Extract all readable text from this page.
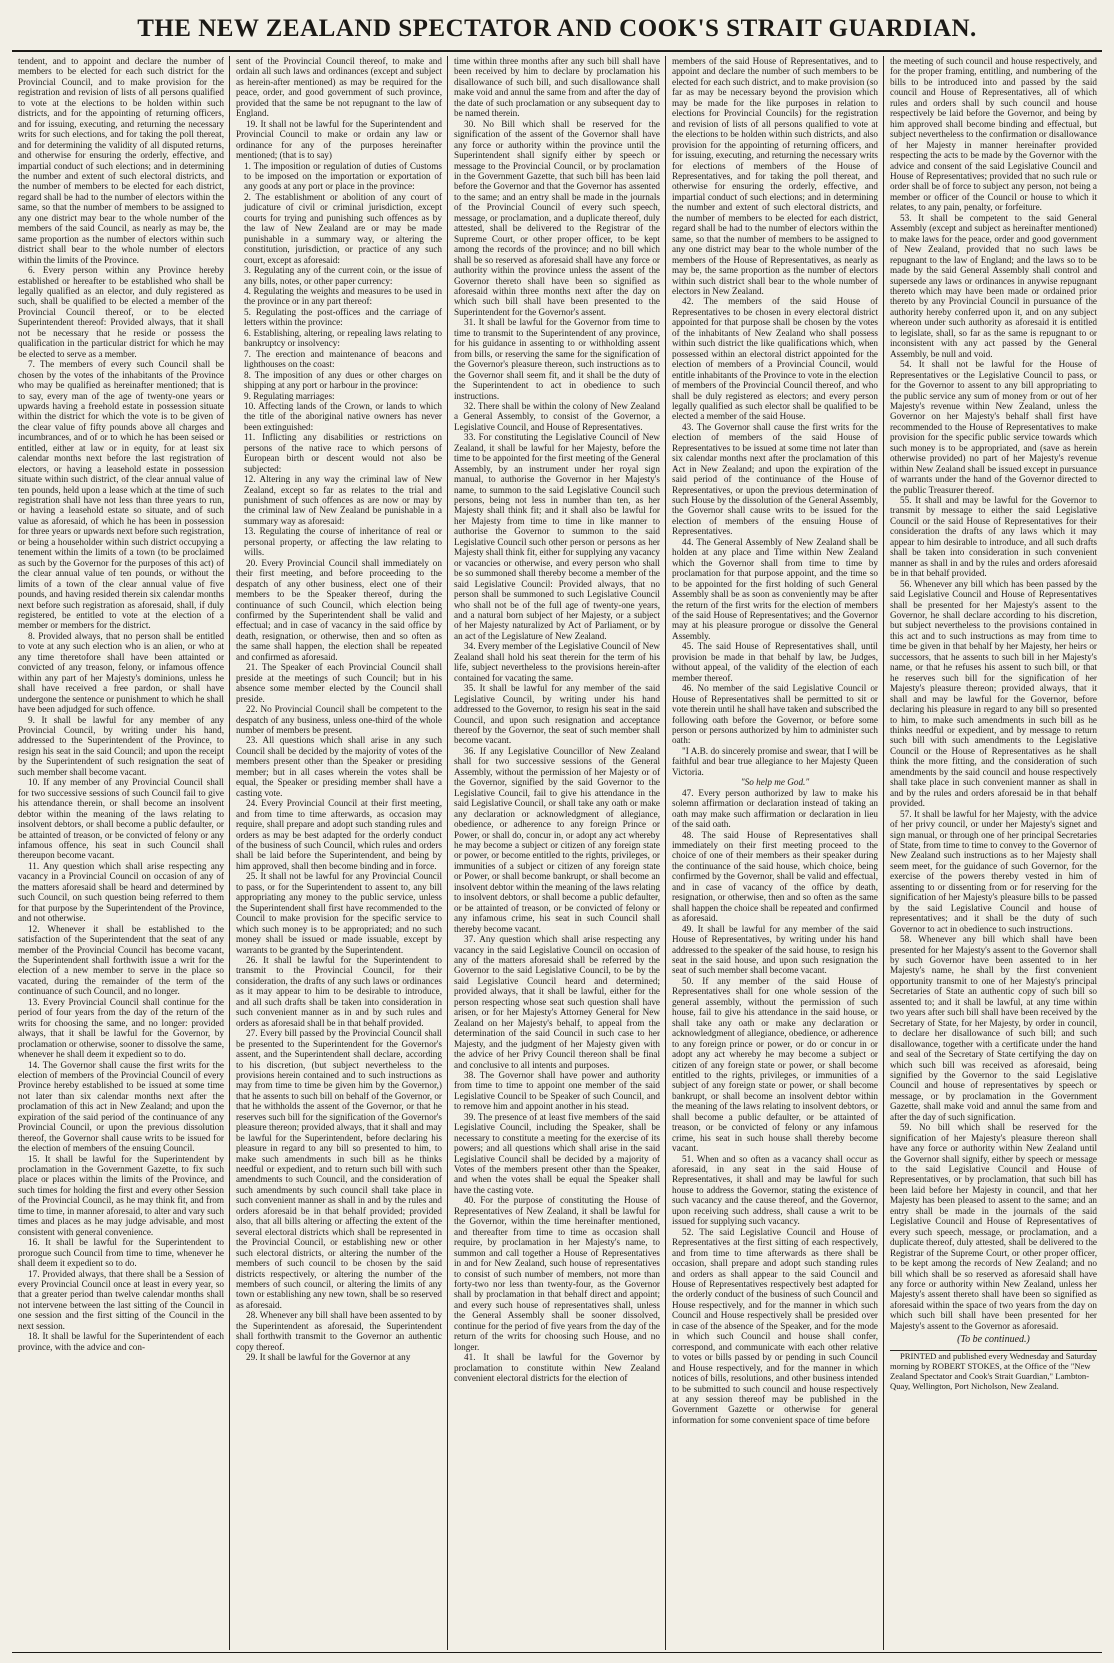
THE NEW ZEALAND SPECTATOR AND COOK'S STRAIT GUARDIAN.

tendent, and to appoint and declare the number of members to be elected for each such district for the Provincial Council, and to make provision for the registration and revision of lists of all persons qualified to vote at the elections to be holden within such districts, and for the appointing of returning officers, and for issuing, executing, and returning the necessary writs for such elections, and for taking the poll thereat, and for determining the validity of all disputed returns, and otherwise for ensuring the orderly, effective, and impartial conduct of such elections; and in determining the number and extent of such electoral districts, and the number of members to be elected for each district, regard shall be had to the number of electors within the same, so that the number of members to be assigned to any one district may bear to the whole number of the members of the said Council, as nearly as may be, the same proportion as the number of electors within such district shall bear to the whole number of electors within the limits of the Province.

6. Every person within any Province hereby established or hereafter to be established who shall be legally qualified as an elector, and duly registered as such, shall be qualified to be elected a member of the Provincial Council thereof, or to be elected Superintendent thereof: Provided always, that it shall not be necessary that he reside or possess the qualification in the particular district for which he may be elected to serve as a member.

7. The members of every such Council shall be chosen by the votes of the inhabitants of the Province who may be qualified as hereinafter mentioned; that is to say, every man of the age of twenty-one years or upwards having a freehold estate in possession situate within the district for which the vote is to be given of the clear value of fifty pounds above all charges and incumbrances, and of or to which he has been seised or entitled, either at law or in equity, for at least six calendar months next before the last registration of electors, or having a leasehold estate in possession situate within such district, of the clear annual value of ten pounds, held upon a lease which at the time of such registration shall have not less than three years to run, or having a leasehold estate so situate, and of such value as aforesaid, of which he has been in possession for three years or upwards next before such registration, or being a householder within such district occupying a tenement within the limits of a town (to be proclaimed as such by the Governor for the purposes of this act) of the clear annual value of ten pounds, or without the limits of a town of the clear annual value of five pounds, and having resided therein six calendar months next before such registration as aforesaid, shall, if duly registered, be entitled to vote at the election of a member or members for the district.

8. Provided always, that no person shall be entitled to vote at any such election who is an alien, or who at any time theretofore shall have been attainted or convicted of any treason, felony, or infamous offence within any part of her Majesty's dominions, unless he shall have received a free pardon, or shall have undergone the sentence or punishment to which he shall have been adjudged for such offence.

9. It shall be lawful for any member of any Provincial Council, by writing under his hand, addressed to the Superintendent of the Province, to resign his seat in the said Council; and upon the receipt by the Superintendent of such resignation the seat of such member shall become vacant.

10. If any member of any Provincial Council shall for two successive sessions of such Council fail to give his attendance therein, or shall become an insolvent debtor within the meaning of the laws relating to insolvent debtors, or shall become a public defaulter, or be attainted of treason, or be convicted of felony or any infamous offence, his seat in such Council shall thereupon become vacant.

11. Any question which shall arise respecting any vacancy in a Provincial Council on occasion of any of the matters aforesaid shall be heard and determined by such Council, on such question being referred to them for that purpose by the Superintendent of the Province, and not otherwise.

12. Whenever it shall be established to the satisfaction of the Superintendent that the seat of any member of the Provincial Council has become vacant, the Superintendent shall forthwith issue a writ for the election of a new member to serve in the place so vacated, during the remainder of the term of the continuance of such Council, and no longer.

13. Every Provincial Council shall continue for the period of four years from the day of the return of the writs for choosing the same, and no longer: provided always, that it shall be lawful for the Governor, by proclamation or otherwise, sooner to dissolve the same, whenever he shall deem it expedient so to do.

14. The Governor shall cause the first writs for the election of members of the Provincial Council of every Province hereby established to be issued at some time not later than six calendar months next after the proclamation of this act in New Zealand; and upon the expiration of the said period of the continuance of any Provincial Council, or upon the previous dissolution thereof, the Governor shall cause writs to be issued for the election of members of the ensuing Council.

15. It shall be lawful for the Superintendent by proclamation in the Government Gazette, to fix such place or places within the limits of the Province, and such times for holding the first and every other Session of the Provincial Council, as he may think fit, and from time to time, in manner aforesaid, to alter and vary such times and places as he may judge advisable, and most consistent with general convenience.

16. It shall be lawful for the Superintendent to prorogue such Council from time to time, whenever he shall deem it expedient so to do.

17. Provided always, that there shall be a Session of every Provincial Council once at least in every year, so that a greater period than twelve calendar months shall not intervene between the last sitting of the Council in one session and the first sitting of the Council in the next session.

18. It shall be lawful for the Superintendent of each province, with the advice and con-

sent of the Provincial Council thereof, to make and ordain all such laws and ordinances (except and subject as herein-after mentioned) as may be required for the peace, order, and good government of such province, provided that the same be not repugnant to the law of England.

19. It shall not be lawful for the Superintendent and Provincial Council to make or ordain any law or ordinance for any of the purposes hereinafter mentioned; (that is to say)

1. The imposition or regulation of duties of Customs to be imposed on the importation or exportation of any goods at any port or place in the province:

2. The establishment or abolition of any court of judicature of civil or criminal jurisdiction, except courts for trying and punishing such offences as by the law of New Zealand are or may be made punishable in a summary way, or altering the constitution, jurisdiction, or practice of any such court, except as aforesaid:

3. Regulating any of the current coin, or the issue of any bills, notes, or other paper currency:

4. Regulating the weights and measures to be used in the province or in any part thereof:

5. Regulating the post-offices and the carriage of letters within the province:

6. Establishing, altering, or repealing laws relating to bankruptcy or insolvency:

7. The erection and maintenance of beacons and lighthouses on the coast:

8. The imposition of any dues or other charges on shipping at any port or harbour in the province:

9. Regulating marriages:

10. Affecting lands of the Crown, or lands to which the title of the aboriginal native owners has never been extinguished:

11. Inflicting any disabilities or restrictions on persons of the native race to which persons of European birth or descent would not also be subjected:

12. Altering in any way the criminal law of New Zealand, except so far as relates to the trial and punishment of such offences as are now or may by the criminal law of New Zealand be punishable in a summary way as aforesaid:

13. Regulating the course of inheritance of real or personal property, or affecting the law relating to wills.

20. Every Provincial Council shall immediately on their first meeting, and before proceeding to the despatch of any other business, elect one of their members to be the Speaker thereof, during the continuance of such Council, which election being confirmed by the Superintendent shall be valid and effectual; and in case of vacancy in the said office by death, resignation, or otherwise, then and so often as the same shall happen, the election shall be repeated and confirmed as aforesaid.

21. The Speaker of each Provincial Council shall preside at the meetings of such Council; but in his absence some member elected by the Council shall preside.

22. No Provincial Council shall be competent to the despatch of any business, unless one-third of the whole number of members be present.

23. All questions which shall arise in any such Council shall be decided by the majority of votes of the members present other than the Speaker or presiding member; but in all cases wherein the votes shall be equal, the Speaker or presiding member shall have a casting vote.

24. Every Provincial Council at their first meeting, and from time to time afterwards, as occasion may require, shall prepare and adopt such standing rules and orders as may be best adapted for the orderly conduct of the business of such Council, which rules and orders shall be laid before the Superintendent, and being by him approved, shall then become binding and in force.

25. It shall not be lawful for any Provincial Council to pass, or for the Superintendent to assent to, any bill appropriating any money to the public service, unless the Superintendent shall first have recommended to the Council to make provision for the specific service to which such money is to be appropriated; and no such money shall be issued or made issuable, except by warrants to be granted by the Superintendent.

26. It shall be lawful for the Superintendent to transmit to the Provincial Council, for their consideration, the drafts of any such laws or ordinances as it may appear to him to be desirable to introduce, and all such drafts shall be taken into consideration in such convenient manner as in and by such rules and orders as aforesaid shall be in that behalf provided.

27. Every bill passed by the Provincial Council shall be presented to the Superintendent for the Governor's assent, and the Superintendent shall declare, according to his discretion, (but subject nevertheless to the provisions herein contained and to such instructions as may from time to time be given him by the Governor,) that he assents to such bill on behalf of the Governor, or that he withholds the assent of the Governor, or that he reserves such bill for the signification of the Governor's pleasure thereon; provided always, that it shall and may be lawful for the Superintendent, before declaring his pleasure in regard to any bill so presented to him, to make such amendments in such bill as he thinks needful or expedient, and to return such bill with such amendments to such Council, and the consideration of such amendments by such council shall take place in such convenient manner as shall in and by the rules and orders aforesaid be in that behalf provided; provided also, that all bills altering or affecting the extent of the several electoral districts which shall be represented in the Provincial Council, or establishing new or other such electoral districts, or altering the number of the members of such council to be chosen by the said districts respectively, or altering the number of the members of such council, or altering the limits of any town or establishing any new town, shall be so reserved as aforesaid.

28. Whenever any bill shall have been assented to by the Superintendent as aforesaid, the Superintendent shall forthwith transmit to the Governor an authentic copy thereof.

29. It shall be lawful for the Governor at any

time within three months after any such bill shall have been received by him to declare by proclamation his disallowance of such bill, and such disallowance shall make void and annul the same from and after the day of the date of such proclamation or any subsequent day to be named therein.

30. No Bill which shall be reserved for the signification of the assent of the Governor shall have any force or authority within the province until the Superintendent shall signify either by speech or message to the Provincial Council, or by proclamation in the Government Gazette, that such bill has been laid before the Governor and that the Governor has assented to the same; and an entry shall be made in the journals of the Provincial Council of every such speech, message, or proclamation, and a duplicate thereof, duly attested, shall be delivered to the Registrar of the Supreme Court, or other proper officer, to be kept among the records of the province; and no bill which shall be so reserved as aforesaid shall have any force or authority within the province unless the assent of the Governor thereto shall have been so signified as aforesaid within three months next after the day on which such bill shall have been presented to the Superintendent for the Governor's assent.

31. It shall be lawful for the Governor from time to time to transmit to the Superintendent of any province, for his guidance in assenting to or withholding assent from bills, or reserving the same for the signification of the Governor's pleasure thereon, such instructions as to the Governor shall seem fit, and it shall be the duty of the Superintendent to act in obedience to such instructions.

32. There shall be within the colony of New Zealand a General Assembly, to consist of the Governor, a Legislative Council, and House of Representatives.

33. For constituting the Legislative Council of New Zealand, it shall be lawful for her Majesty, before the time to be appointed for the first meeting of the General Assembly, by an instrument under her royal sign manual, to authorise the Governor in her Majesty's name, to summon to the said Legislative Council such persons, being not less in number than ten, as her Majesty shall think fit; and it shall also be lawful for her Majesty from time to time in like manner to authorise the Governor to summon to the said Legislative Council such other person or persons as her Majesty shall think fit, either for supplying any vacancy or vacancies or otherwise, and every person who shall be so summoned shall thereby become a member of the said Legislative Council: Provided always, that no person shall be summoned to such Legislative Council who shall not be of the full age of twenty-one years, and a natural born subject of her Majesty, or a subject of her Majesty naturalized by Act of Parliament, or by an act of the Legislature of New Zealand.

34. Every member of the Legislative Council of New Zealand shall hold his seat therein for the term of his life, subject nevertheless to the provisions herein-after contained for vacating the same.

35. It shall be lawful for any member of the said Legislative Council, by writing under his hand addressed to the Governor, to resign his seat in the said Council, and upon such resignation and acceptance thereof by the Governor, the seat of such member shall become vacant.

36. If any Legislative Councillor of New Zealand shall for two successive sessions of the General Assembly, without the permission of her Majesty or of the Governor, signified by the said Governor to the Legislative Council, fail to give his attendance in the said Legislative Council, or shall take any oath or make any declaration or acknowledgment of allegiance, obedience, or adherence to any foreign Prince or Power, or shall do, concur in, or adopt any act whereby he may become a subject or citizen of any foreign state or power, or become entitled to the rights, privileges, or immunities of a subject or citizen of any foreign state or Power, or shall become bankrupt, or shall become an insolvent debtor within the meaning of the laws relating to insolvent debtors, or shall become a public defaulter, or be attainted of treason, or be convicted of felony or any infamous crime, his seat in such Council shall thereby become vacant.

37. Any question which shall arise respecting any vacancy in the said Legislative Council on occasion of any of the matters aforesaid shall be referred by the Governor to the said Legislative Council, to be by the said Legislative Council heard and determined; provided always, that it shall be lawful, either for the person respecting whose seat such question shall have arisen, or for her Majesty's Attorney General for New Zealand on her Majesty's behalf, to appeal from the determination of the said Council in such case to her Majesty, and the judgment of her Majesty given with the advice of her Privy Council thereon shall be final and conclusive to all intents and purposes.

38. The Governor shall have power and authority from time to time to appoint one member of the said Legislative Council to be Speaker of such Council, and to remove him and appoint another in his stead.

39. The presence of at least five members of the said Legislative Council, including the Speaker, shall be necessary to constitute a meeting for the exercise of its powers; and all questions which shall arise in the said Legislative Council shall be decided by a majority of Votes of the members present other than the Speaker, and when the votes shall be equal the Speaker shall have the casting vote.

40. For the purpose of constituting the House of Representatives of New Zealand, it shall be lawful for the Governor, within the time hereinafter mentioned, and thereafter from time to time as occasion shall require, by proclamation in her Majesty's name, to summon and call together a House of Representatives in and for New Zealand, such house of representatives to consist of such number of members, not more than forty-two nor less than twenty-four, as the Governor shall by proclamation in that behalf direct and appoint; and every such house of representatives shall, unless the General Assembly shall be sooner dissolved, continue for the period of five years from the day of the return of the writs for choosing such House, and no longer.

41. It shall be lawful for the Governor by proclamation to constitute within New Zealand convenient electoral districts for the election of

members of the said House of Representatives, and to appoint and declare the number of such members to be elected for each such district, and to make provision (so far as may be necessary beyond the provision which may be made for the like purposes in relation to elections for Provincial Councils) for the registration and revision of lists of all persons qualified to vote at the elections to be holden within such districts, and also provision for the appointing of returning officers, and for issuing, executing, and returning the necessary writs for elections of members of the House of Representatives, and for taking the poll thereat, and otherwise for ensuring the orderly, effective, and impartial conduct of such elections; and in determining the number and extent of such electoral districts, and the number of members to be elected for each district, regard shall be had to the number of electors within the same, so that the number of members to be assigned to any one district may bear to the whole number of the members of the House of Representatives, as nearly as may be, the same proportion as the number of electors within such district shall bear to the whole number of electors in New Zealand.

42. The members of the said House of Representatives to be chosen in every electoral district appointed for that purpose shall be chosen by the votes of the inhabitants of New Zealand who shall possess within such district the like qualifications which, when possessed within an electoral district appointed for the election of members of a Provincial Council, would entitle inhabitants of the Province to vote in the election of members of the Provincial Council thereof, and who shall be duly registered as electors; and every person legally qualified as such elector shall be qualified to be elected a member of the said House.

43. The Governor shall cause the first writs for the election of members of the said House of Representatives to be issued at some time not later than six calendar months next after the proclamation of this Act in New Zealand; and upon the expiration of the said period of the continuance of the House of Representatives, or upon the previous determination of such House by the dissolution of the General Assembly, the Governor shall cause writs to be issued for the election of members of the ensuing House of Representatives.

44. The General Assembly of New Zealand shall be holden at any place and Time within New Zealand which the Governor shall from time to time by proclamation for that purpose appoint, and the time so to be appointed for the first holding of such General Assembly shall be as soon as conveniently may be after the return of the first writs for the election of members of the said House of Representatives; and the Governor may at his pleasure prorogue or dissolve the General Assembly.

45. The said House of Representatives shall, until provision be made in that behalf by law, be Judges, without appeal, of the validity of the election of each member thereof.

46. No member of the said Legislative Council or House of Representatives shall be permitted to sit or vote therein until he shall have taken and subscribed the following oath before the Governor, or before some person or persons authorized by him to administer such oath:

"I A.B. do sincerely promise and swear, that I will be faithful and bear true allegiance to her Majesty Queen Victoria.

"So help me God."

47. Every person authorized by law to make his solemn affirmation or declaration instead of taking an oath may make such affirmation or declaration in lieu of the said oath.

48. The said House of Representatives shall immediately on their first meeting proceed to the choice of one of their members as their speaker during the continuance of the said house, which choice, being confirmed by the Governor, shall be valid and effectual, and in case of vacancy of the office by death, resignation, or otherwise, then and so often as the same shall happen the choice shall be repeated and confirmed as aforesaid.

49. It shall be lawful for any member of the said House of Representatives, by writing under his hand addressed to the speaker of the said house, to resign his seat in the said house, and upon such resignation the seat of such member shall become vacant.

50. If any member of the said House of Representatives shall for one whole session of the general assembly, without the permission of such house, fail to give his attendance in the said house, or shall take any oath or make any declaration or acknowledgment of allegiance, obedience, or adherence to any foreign prince or power, or do or concur in or adopt any act whereby he may become a subject or citizen of any foreign state or power, or shall become entitled to the rights, privileges, or immunities of a subject of any foreign state or power, or shall become bankrupt, or shall become an insolvent debtor within the meaning of the laws relating to insolvent debtors, or shall become a public defaulter, or be attainted of treason, or be convicted of felony or any infamous crime, his seat in such house shall thereby become vacant.

51. When and so often as a vacancy shall occur as aforesaid, in any seat in the said House of Representatives, it shall and may be lawful for such house to address the Governor, stating the existence of such vacancy and the cause thereof, and the Governor, upon receiving such address, shall cause a writ to be issued for supplying such vacancy.

52. The said Legislative Council and House of Representatives at the first sitting of each respectively, and from time to time afterwards as there shall be occasion, shall prepare and adopt such standing rules and orders as shall appear to the said Council and House of Representatives respectively best adapted for the orderly conduct of the business of such Council and House respectively, and for the manner in which such Council and House respectively shall be presided over in case of the absence of the Speaker, and for the mode in which such Council and house shall confer, correspond, and communicate with each other relative to votes or bills passed by or pending in such Council and House respectively, and for the manner in which notices of bills, resolutions, and other business intended to be submitted to such council and house respectively at any session thereof may be published in the Government Gazette or otherwise for general information for some convenient space of time before

the meeting of such council and house respectively, and for the proper framing, entitling, and numbering of the bills to be introduced into and passed by the said council and House of Representatives, all of which rules and orders shall by such council and house respectively be laid before the Governor, and being by him approved shall become binding and effectual, but subject nevertheless to the confirmation or disallowance of her Majesty in manner hereinafter provided respecting the acts to be made by the Governor with the advice and consent of the said Legislative Council and House of Representatives; provided that no such rule or order shall be of force to subject any person, not being a member or officer of the Council or house to which it relates, to any pain, penalty, or forfeiture.

53. It shall be competent to the said General Assembly (except and subject as hereinafter mentioned) to make laws for the peace, order and good government of New Zealand, provided that no such laws be repugnant to the law of England; and the laws so to be made by the said General Assembly shall control and supersede any laws or ordinances in anywise repugnant thereto which may have been made or ordained prior thereto by any Provincial Council in pursuance of the authority hereby conferred upon it, and on any subject whereon under such authority as aforesaid it is entitled to legislate, shall, so far as the same is repugnant to or inconsistent with any act passed by the General Assembly, be null and void.

54. It shall not be lawful for the House of Representatives or the Legislative Council to pass, or for the Governor to assent to any bill appropriating to the public service any sum of money from or out of her Majesty's revenue within New Zealand, unless the Governor on her Majesty's behalf shall first have recommended to the House of Representatives to make provision for the specific public service towards which such money is to be appropriated, and (save as herein otherwise provided) no part of her Majesty's revenue within New Zealand shall be issued except in pursuance of warrants under the hand of the Governor directed to the public Treasurer thereof.

55. It shall and may be lawful for the Governor to transmit by message to either the said Legislative Council or the said House of Representatives for their consideration the drafts of any laws which it may appear to him desirable to introduce, and all such drafts shall be taken into consideration in such convenient manner as shall in and by the rules and orders aforesaid be in that behalf provided.

56. Whenever any bill which has been passed by the said Legislative Council and House of Representatives shall be presented for her Majesty's assent to the Governor, he shall declare according to his discretion, but subject nevertheless to the provisions contained in this act and to such instructions as may from time to time be given in that behalf by her Majesty, her heirs or successors, that he assents to such bill in her Majesty's name, or that he refuses his assent to such bill, or that he reserves such bill for the signification of her Majesty's pleasure thereon; provided always, that it shall and may be lawful for the Governor, before declaring his pleasure in regard to any bill so presented to him, to make such amendments in such bill as he thinks needful or expedient, and by message to return such bill with such amendments to the Legislative Council or the House of Representatives as he shall think the more fitting, and the consideration of such amendments by the said council and house respectively shall take place in such convenient manner as shall in and by the rules and orders aforesaid be in that behalf provided.

57. It shall be lawful for her Majesty, with the advice of her privy council, or under her Majesty's signet and sign manual, or through one of her principal Secretaries of State, from time to time to convey to the Governor of New Zealand such instructions as to her Majesty shall seem meet, for the guidance of such Governor, for the exercise of the powers thereby vested in him of assenting to or dissenting from or for reserving for the signification of her Majesty's pleasure bills to be passed by the said Legislative Council and house of representatives; and it shall be the duty of such Governor to act in obedience to such instructions.

58. Whenever any bill which shall have been presented for her Majesty's assent to the Governor shall by such Governor have been assented to in her Majesty's name, he shall by the first convenient opportunity transmit to one of her Majesty's principal Secretaries of State an authentic copy of such bill so assented to; and it shall be lawful, at any time within two years after such bill shall have been received by the Secretary of State, for her Majesty, by order in council, to declare her disallowance of such bill; and such disallowance, together with a certificate under the hand and seal of the Secretary of State certifying the day on which such bill was received as aforesaid, being signified by the Governor to the said Legislative Council and house of representatives by speech or message, or by proclamation in the Government Gazette, shall make void and annul the same from and after the day of such signification.

59. No bill which shall be reserved for the signification of her Majesty's pleasure thereon shall have any force or authority within New Zealand until the Governor shall signify, either by speech or message to the said Legislative Council and House of Representatives, or by proclamation, that such bill has been laid before her Majesty in council, and that her Majesty has been pleased to assent to the same; and an entry shall be made in the journals of the said Legislative Council and House of Representatives of every such speech, message, or proclamation, and a duplicate thereof, duly attested, shall be delivered to the Registrar of the Supreme Court, or other proper officer, to be kept among the records of New Zealand; and no bill which shall be so reserved as aforesaid shall have any force or authority within New Zealand, unless her Majesty's assent thereto shall have been so signified as aforesaid within the space of two years from the day on which such bill shall have been presented for her Majesty's assent to the Governor as aforesaid.

(To be continued.)

PRINTED and published every Wednesday and Saturday morning by ROBERT STOKES, at the Office of the "New Zealand Spectator and Cook's Strait Guardian," Lambton-Quay, Wellington, Port Nicholson, New Zealand.
